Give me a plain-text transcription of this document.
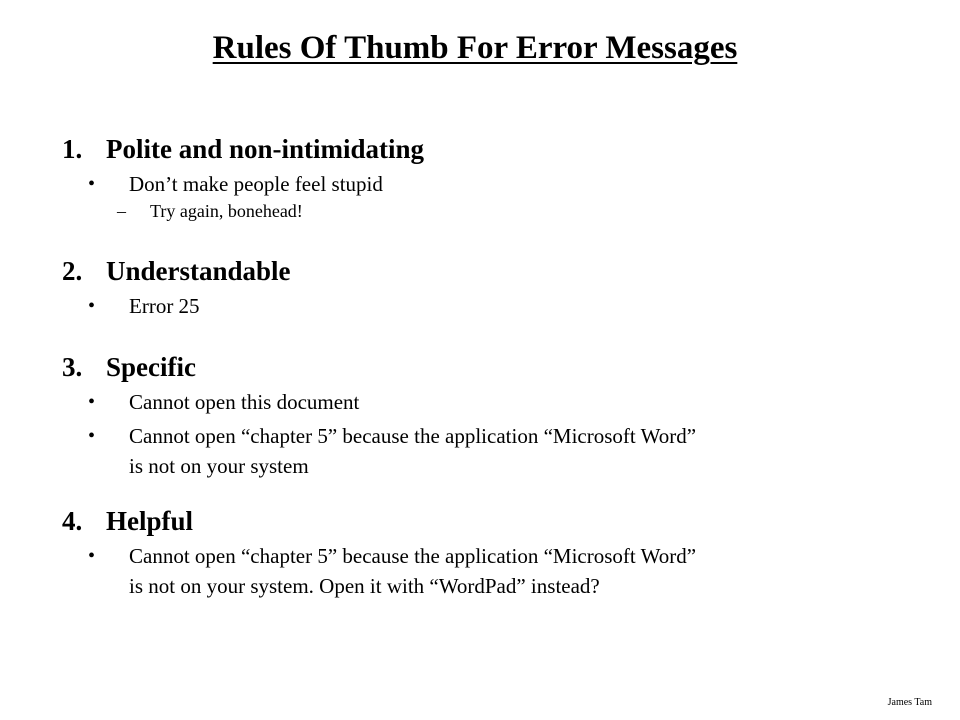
Rules Of Thumb For Error Messages
1. Polite and non-intimidating
• Don’t make people feel stupid
– Try again, bonehead!
2. Understandable
• Error 25
3. Specific
• Cannot open this document
• Cannot open “chapter 5” because the application “Microsoft Word”
is not on your system
4. Helpful
• Cannot open “chapter 5” because the application “Microsoft Word”
is not on your system. Open it with “WordPad” instead?
James Tam
